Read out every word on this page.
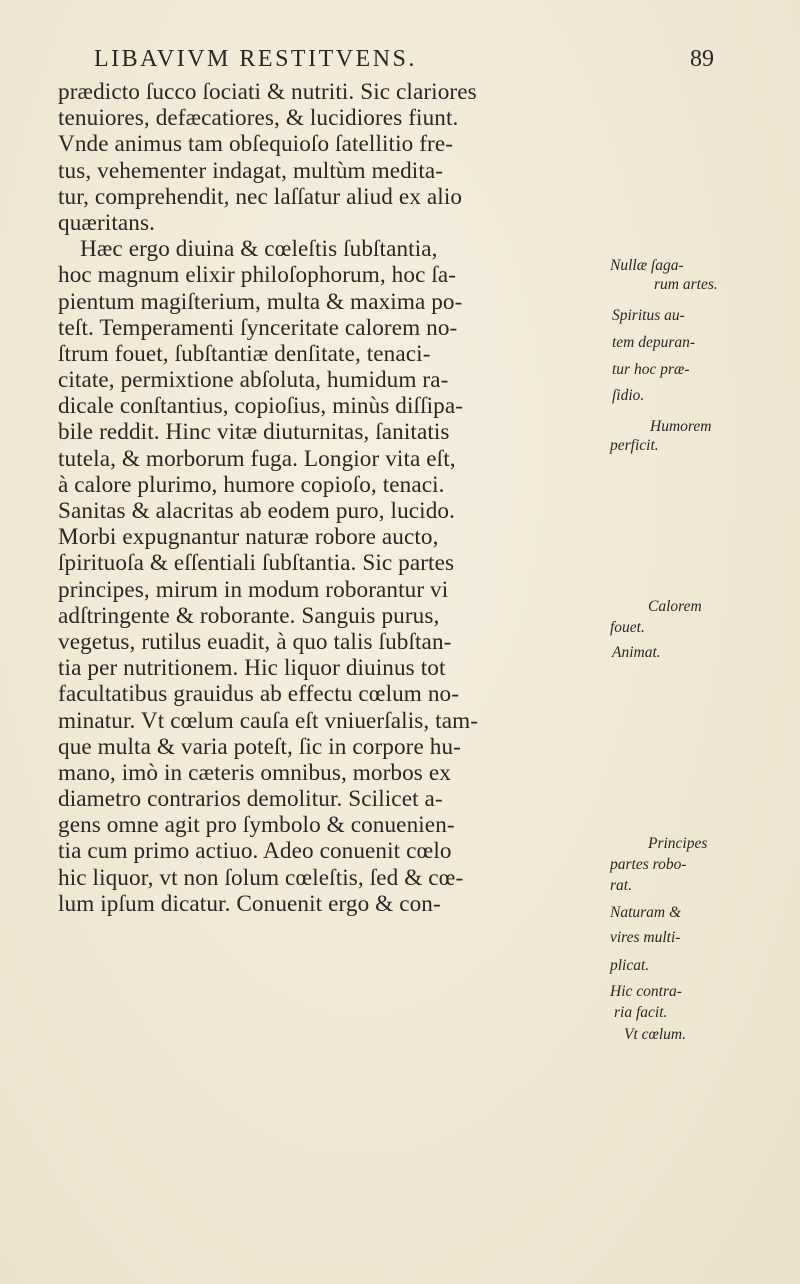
LIBAVIVM RESTITVENS.	89
prædicto ſucco ſociati & nutriti. Sic clariores
tenuiores, defæcatiores, & lucidiores fiunt.
Vnde animus tam obſequioſo ſatellitio fre-
tus, vehementer indagat, multùm medita-
tur, comprehendit, nec laſſatur aliud ex alio
quæritans.
Hæc ergo diuina & cœleſtis ſubſtantia,
hoc magnum elixir philoſophorum, hoc ſa-
pientum magiſterium, multa & maxima po-
teſt. Temperamenti ſynceritate calorem no-
ſtrum fouet, ſubſtantiæ denſitate, tenaci-
citate, permixtione abſoluta, humidum ra-
dicale conſtantius, copioſius, minùs diſſipa-
bile reddit. Hinc vitæ diuturnitas, ſanitatis
tutela, & morborum fuga. Longior vita eſt,
à calore plurimo, humore copioſo, tenaci.
Sanitas & alacritas ab eodem puro, lucido.
Morbi expugnantur naturæ robore aucto,
ſpirituoſa & eſſentiali ſubſtantia. Sic partes
principes, mirum in modum roborantur vi
adſtringente & roborante. Sanguis purus,
vegetus, rutilus euadit, à quo talis ſubſtan-
tia per nutritionem. Hic liquor diuinus tot
facultatibus grauidus ab effectu cœlum no-
minatur. Vt cœlum cauſa eſt vniuerſalis, tam-
que multa & varia poteſt, ſic in corpore hu-
mano, imò in cæteris omnibus, morbos ex
diametro contrarios demolitur. Scilicet a-
gens omne agit pro ſymbolo & conuenien-
tia cum primo actiuo. Adeo conuenit cœlo
hic liquor, vt non ſolum cœleſtis, ſed & cœ-
lum ipſum dicatur. Conuenit ergo & con-
Nullæ ſaga-
rum artes.
Spiritus au-
tem depuran-
tur hoc præ-
ſidio.
Humorem
perficit.
Calorem
fouet.
Animat.
Principes
partes robo-
rat.
Naturam &
vires multi-
plicat.
Hic contra-
ria facit.
Vt cœlum.
